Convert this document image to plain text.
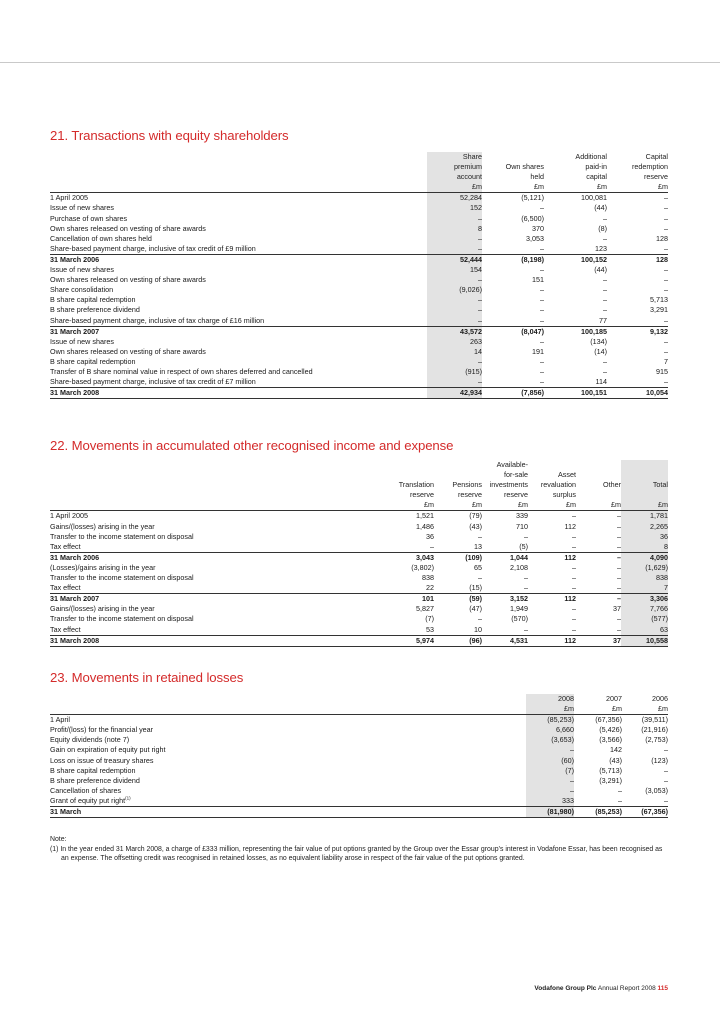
21. Transactions with equity shareholders
	Share		Additional	Capital
	premium	Own shares	paid-in	redemption
	account	held	capital	reserve
	£m	£m	£m	£m
1 April 2005	52,284	(5,121)	100,081	–
Issue of new shares	152	–	(44)	–
Purchase of own shares	–	(6,500)	–	–
Own shares released on vesting of share awards	8	370	(8)	–
Cancellation of own shares held	–	3,053	–	128
Share-based payment charge, inclusive of tax credit of £9 million	–	–	123	–
31 March 2006	52,444	(8,198)	100,152	128
Issue of new shares	154	–	(44)	–
Own shares released on vesting of share awards	–	151	–	–
Share consolidation	(9,026)	–	–	–
B share capital redemption	–	–	–	5,713
B share preference dividend	–	–	–	3,291
Share-based payment charge, inclusive of tax charge of £16 million	–	–	77	–
31 March 2007	43,572	(8,047)	100,185	9,132
Issue of new shares	263	–	(134)	–
Own shares released on vesting of share awards	14	191	(14)	–
B share capital redemption	–	–	–	7
Transfer of B share nominal value in respect of own shares deferred and cancelled	(915)	–	–	915
Share-based payment charge, inclusive of tax credit of £7 million	–	–	114	–
31 March 2008	42,934	(7,856)	100,151	10,054
22. Movements in accumulated other recognised income and expense
			Available-			
			for-sale	Asset		
	Translation	Pensions	investments	revaluation	Other	Total
	reserve	reserve	reserve	surplus		
	£m	£m	£m	£m	£m	£m
1 April 2005	1,521	(79)	339	–	–	1,781
Gains/(losses) arising in the year	1,486	(43)	710	112	–	2,265
Transfer to the income statement on disposal	36	–	–	–	–	36
Tax effect	–	13	(5)	–	–	8
31 March 2006	3,043	(109)	1,044	112	–	4,090
(Losses)/gains arising in the year	(3,802)	65	2,108	–	–	(1,629)
Transfer to the income statement on disposal	838	–	–	–	–	838
Tax effect	22	(15)	–	–	–	7
31 March 2007	101	(59)	3,152	112	–	3,306
Gains/(losses) arising in the year	5,827	(47)	1,949	–	37	7,766
Transfer to the income statement on disposal	(7)	–	(570)	–	–	(577)
Tax effect	53	10	–	–	–	63
31 March 2008	5,974	(96)	4,531	112	37	10,558
23. Movements in retained losses
	2008	2007	2006
	£m	£m	£m
1 April	(85,253)	(67,356)	(39,511)
Profit/(loss) for the financial year	6,660	(5,426)	(21,916)
Equity dividends (note 7)	(3,653)	(3,566)	(2,753)
Gain on expiration of equity put right	–	142	–
Loss on issue of treasury shares	(60)	(43)	(123)
B share capital redemption	(7)	(5,713)	–
B share preference dividend	–	(3,291)	–
Cancellation of shares	–	–	(3,053)
Grant of equity put right$^{(1)}$	333	–	–
31 March	(81,980)	(85,253)	(67,356)
Note:
(1) In the year ended 31 March 2008, a charge of £333 million, representing the fair value of put options granted by the Group over the Essar group’s interest in Vodafone Essar, has been recognised as an expense. The offsetting credit was recognised in retained losses, as no equivalent liability arose in respect of the fair value of the put options granted.
Vodafone Group Plc Annual Report 2008 115
